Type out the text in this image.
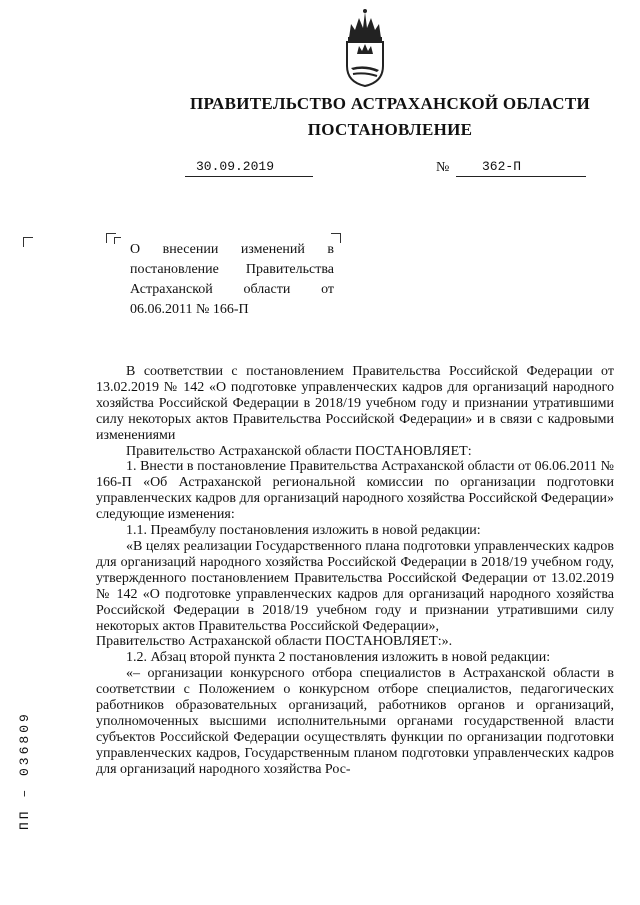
ПРАВИТЕЛЬСТВО АСТРАХАНСКОЙ ОБЛАСТИ
ПОСТАНОВЛЕНИЕ
30.09.2019	№	362-П
О внесении изменений в постановление Правительства Астраханской области от 06.06.2011 № 166-П

В соответствии с постановлением Правительства Российской Федерации от 13.02.2019 № 142 «О подготовке управленческих кадров для организаций народного хозяйства Российской Федерации в 2018/19 учебном году и признании утратившими силу некоторых актов Правительства Российской Федерации» и в связи с кадровыми изменениями

Правительство Астраханской области ПОСТАНОВЛЯЕТ:

1. Внести в постановление Правительства Астраханской области от 06.06.2011 № 166-П «Об Астраханской региональной комиссии по организации подготовки управленческих кадров для организаций народного хозяйства Российской Федерации» следующие изменения:

1.1. Преамбулу постановления изложить в новой редакции:

«В целях реализации Государственного плана подготовки управленческих кадров для организаций народного хозяйства Российской Федерации в 2018/19 учебном году, утвержденного постановлением Правительства Российской Федерации от 13.02.2019 № 142 «О подготовке управленческих кадров для организаций народного хозяйства Российской Федерации в 2018/19 учебном году и признании утратившими силу некоторых актов Правительства Российской Федерации»,

Правительство Астраханской области ПОСТАНОВЛЯЕТ:».

1.2. Абзац второй пункта 2 постановления изложить в новой редакции:

«– организации конкурсного отбора специалистов в Астраханской области в соответствии с Положением о конкурсном отборе специалистов, педагогических работников образовательных организаций, работников органов и организаций, уполномоченных высшими исполнительными органами государственной власти субъектов Российской Федерации осуществлять функции по организации подготовки управленческих кадров, Государственным планом подготовки управленческих кадров для организаций народного хозяйства Рос-

ПП – 036809
